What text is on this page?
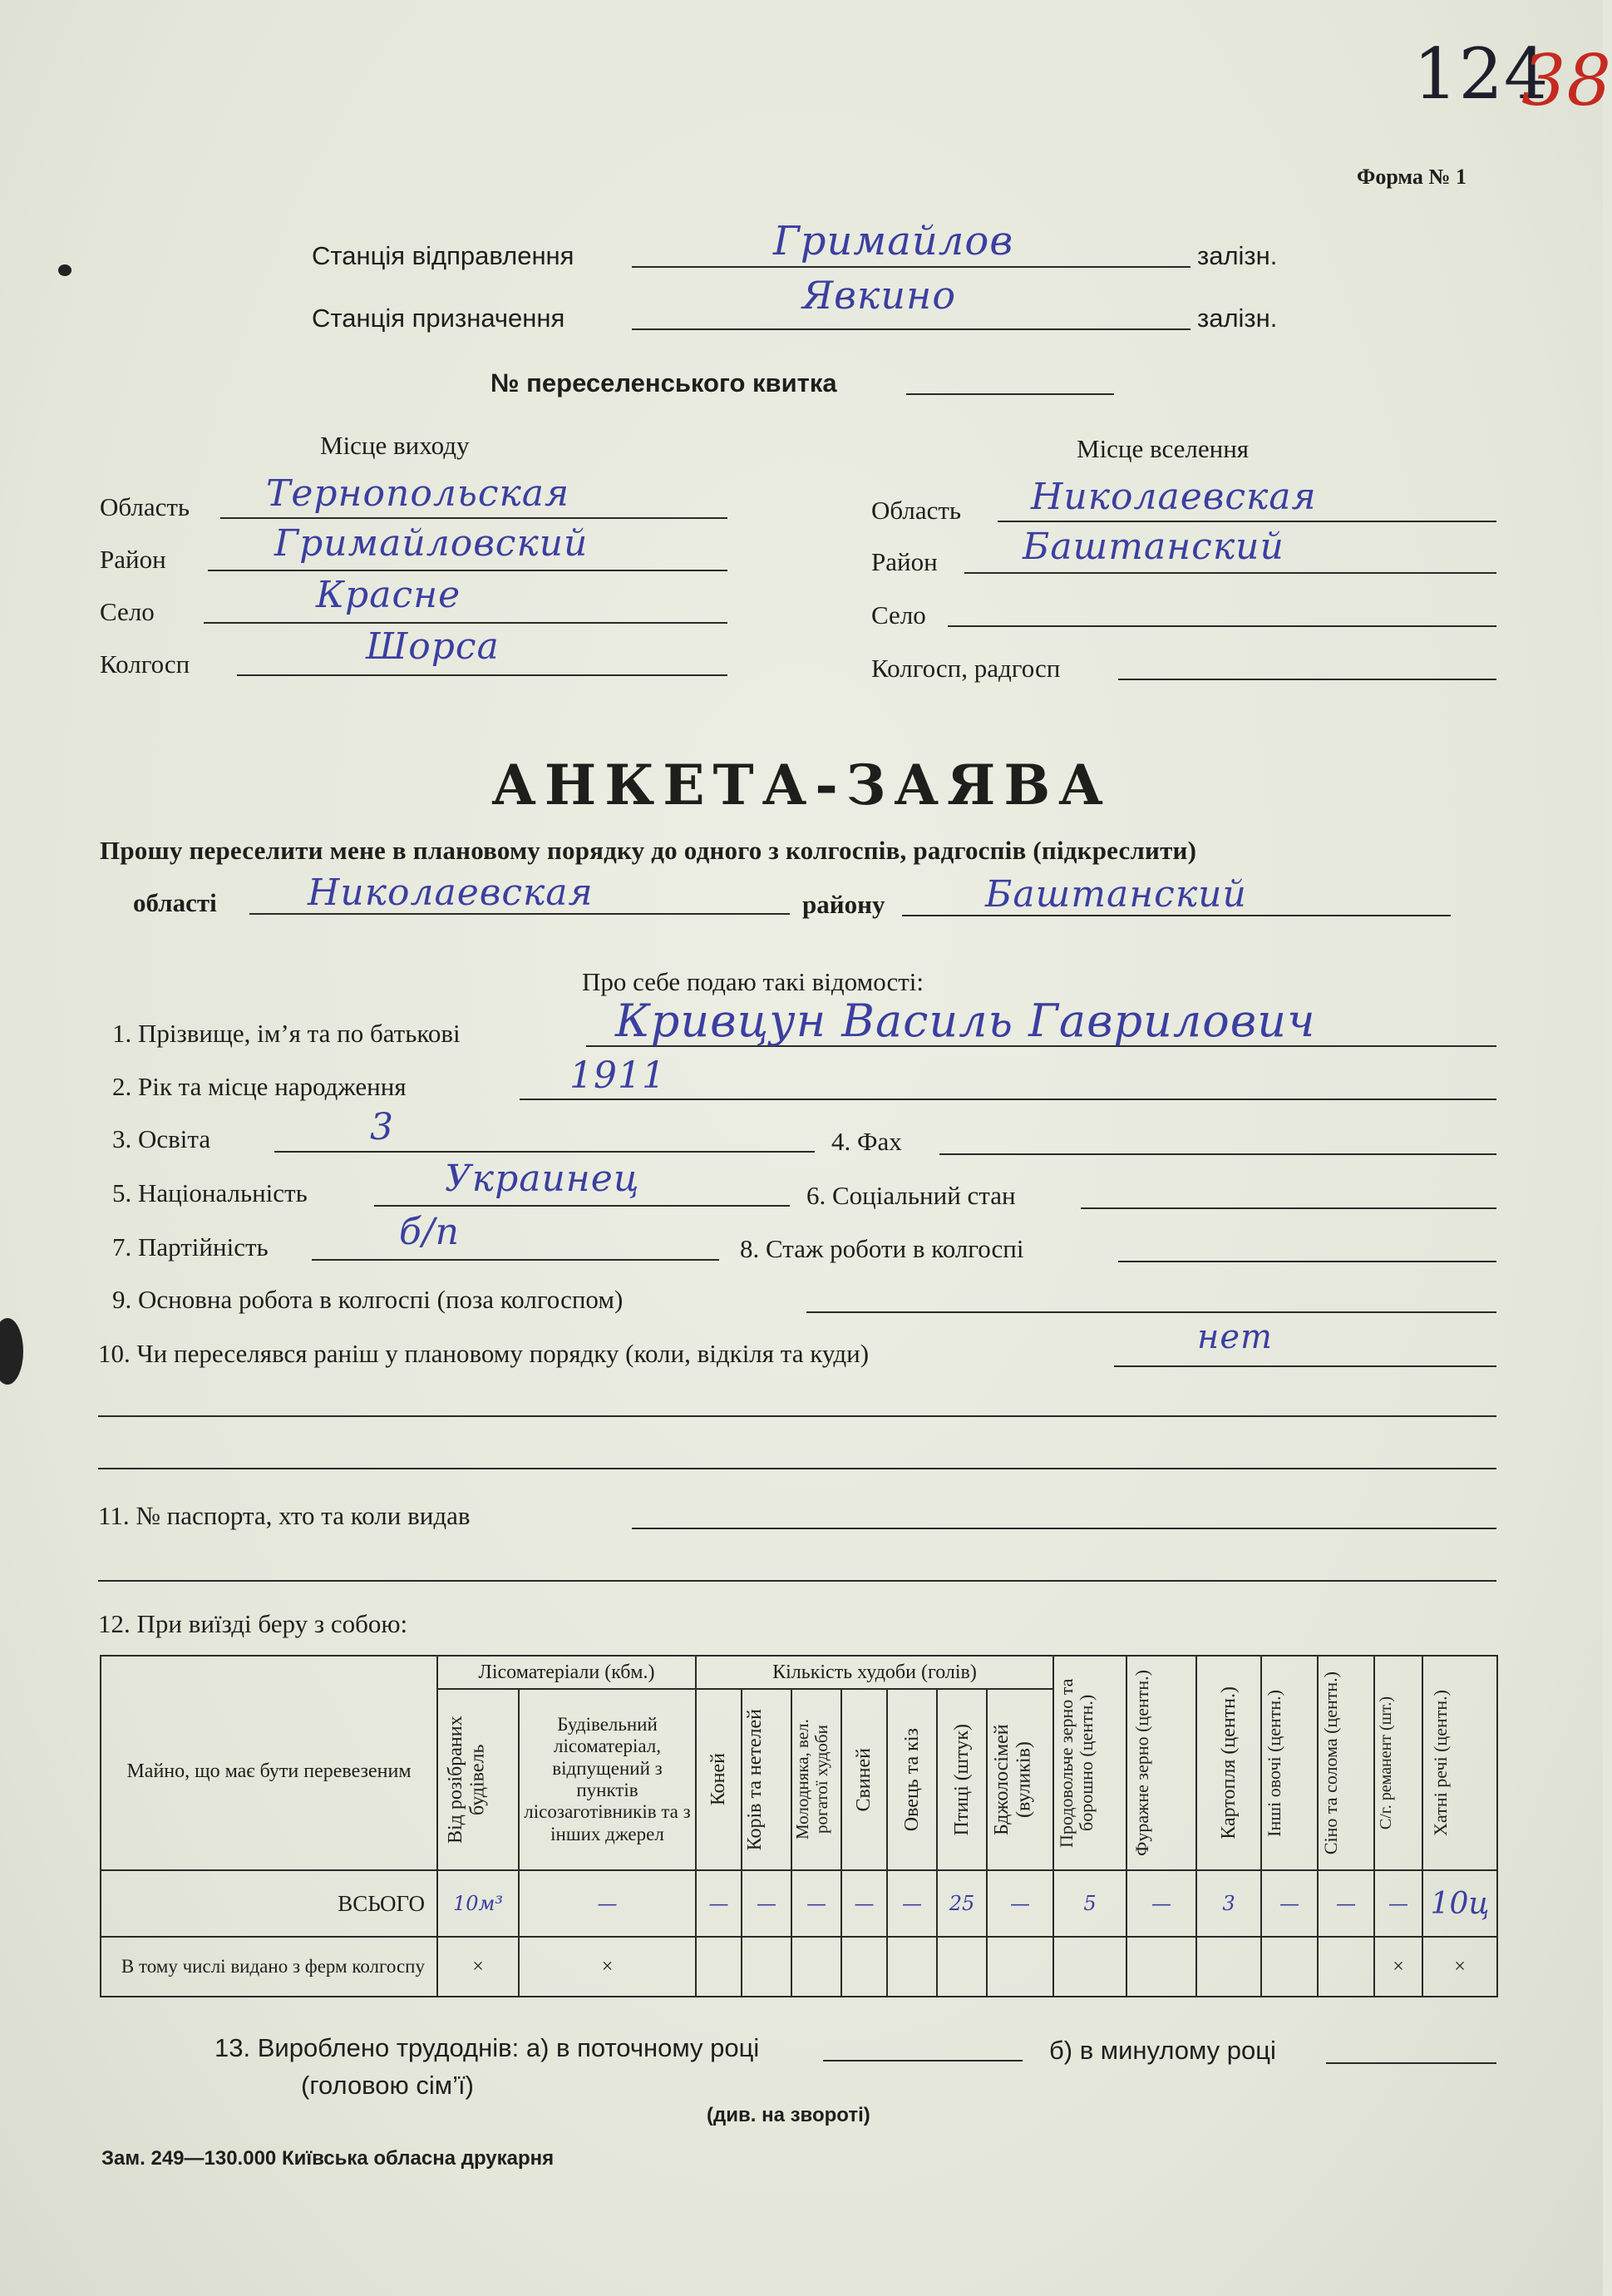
124
38
Форма № 1
Станція відправлення	Гримайлов	залізн.
Станція призначення
Явкино
залізн.
№ переселенського квитка
Місце виходу
Область Тернопольская
Район	Гримайловский
Село	Красне
Колгосп	Шорса
Місце вселення
Область Николаевская
Район Баштанский
Село
Колгосп, радгосп
АНКЕТА-ЗАЯВА
Прошу переселити мене в плановому порядку до одного з колгоспів, радгоспів (підкреслити)
області Николаевская	району	Баштанский
Про себе подаю такі відомості:
1. Прізвище, ім’я та по батькові	Кривцун Василь Гаврилович
2. Рік та місце народження	1911
3. Освіта	3	4. Фах
5. Національність	Украинец	6. Соціальний стан
7. Партійність	б/п	8. Стаж роботи в колгоспі
9. Основна робота в колгоспі (поза колгоспом)
10. Чи переселявся раніш у плановому порядку (коли, відкіля та куди)	нет
11. № паспорта, хто та коли видав
12. При виїзді беру з собою:
Майно, що має бути перевезеним	Лісоматеріали (кбм.)		Кількість худоби (голів)							Продовольче зерно та борошно (центн.)	Фуражне зерно (центн.)	Картопля (центн.)	Інші овочі (центн.)	Сіно та солома (центн.)	С/г. реманент (шт.)	Хатні речі (центн.)

	Від розібраних будівель	Будівельний лісоматеріал, відпущений з пунктів лісозаготівників та з інших джерел	Коней	Корів та нетелей	Молодняка, вел. рогатої худоби	Свиней	Овець та кіз	Птиці (штук)	Бджолосімей (вуликів)							

ВСЬОГО	10м³	—	—	—	—	—	—	25	—	5	—	3	—	—	—	10ц
В тому числі видано з ферм колгоспу	×	×													×	×
13. Вироблено трудоднів: а) в поточному році	б) в минулому році
(головою сім’ї)
(див. на звороті)
Зам. 249—130.000 Київська обласна друкарня
